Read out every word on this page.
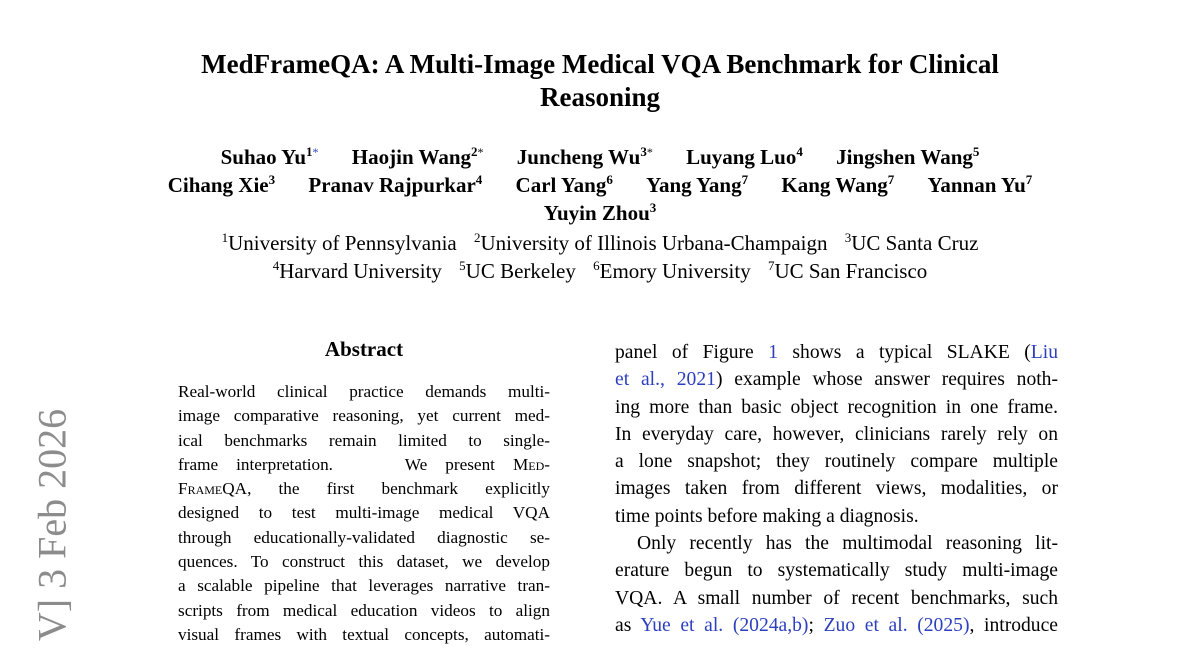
V] 3 Feb 2026
MedFrameQA: A Multi-Image Medical VQA Benchmark for Clinical
Reasoning
Suhao $Yu^{1*}$ Haojin Wang$^{2*}$ Juncheng $Wu^{3*}$ Luyang Luo$^4$ Jingshen Wang$^5$
Cihang Xie$^3$ Pranav Rajpurkar$^4$ Carl Yang$^6$ Yang Yang$^7$ Kang Wang$^7$ Yannan Yu$^7$
Yuyin Zhou$^3$
$^1$University of Pennsylvania $^2$University of Illinois Urbana-Champaign $^3$UC Santa Cruz
$^4$Harvard University $^5$UC Berkeley $^6$Emory University $^7$UC San Francisco
Abstract
Real-world clinical practice demands multi-
image comparative reasoning, yet current med-
ical benchmarks remain limited to single-
frame interpretation.	We present Med-
FrameQA, the first benchmark explicitly
designed to test multi-image medical VQA
through educationally-validated diagnostic se-
quences. To construct this dataset, we develop
a scalable pipeline that leverages narrative tran-
scripts from medical education videos to align
visual frames with textual concepts, automati-
panel of Figure 1 shows a typical SLAKE (Liu
et al., 2021) example whose answer requires noth-
ing more than basic object recognition in one frame.
In everyday care, however, clinicians rarely rely on
a lone snapshot; they routinely compare multiple
images taken from different views, modalities, or
time points before making a diagnosis.
Only recently has the multimodal reasoning lit-
erature begun to systematically study multi-image
VQA. A small number of recent benchmarks, such
as Yue et al. (2024a,b); Zuo et al. (2025), introduce
